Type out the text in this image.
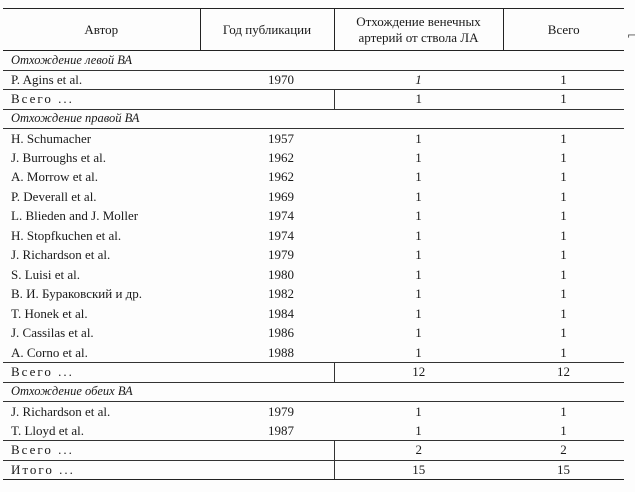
Автор	Год публикации	Отхождение венечных артерий от ствола ЛА	Всего
Отхождение левой ВА			
P. Agins et al.	1970	1	1
Всего ...		1	1
Отхождение правой ВА			
H. Schumacher	1957	1	1
J. Burroughs et al.	1962	1	1
A. Morrow et al.	1962	1	1
P. Deverall et al.	1969	1	1
L. Blieden and J. Moller	1974	1	1
H. Stopfkuchen et al.	1974	1	1
J. Richardson et al.	1979	1	1
S. Luisi et al.	1980	1	1
В. И. Бураковский и др.	1982	1	1
T. Honek et al.	1984	1	1
J. Cassilas et al.	1986	1	1
A. Corno et al.	1988	1	1
Всего ...		12	12
Отхождение обеих ВА			
J. Richardson et al.	1979	1	1
T. Lloyd et al.	1987	1	1
Всего ...		2	2
Итого ...		15	15
⌐
